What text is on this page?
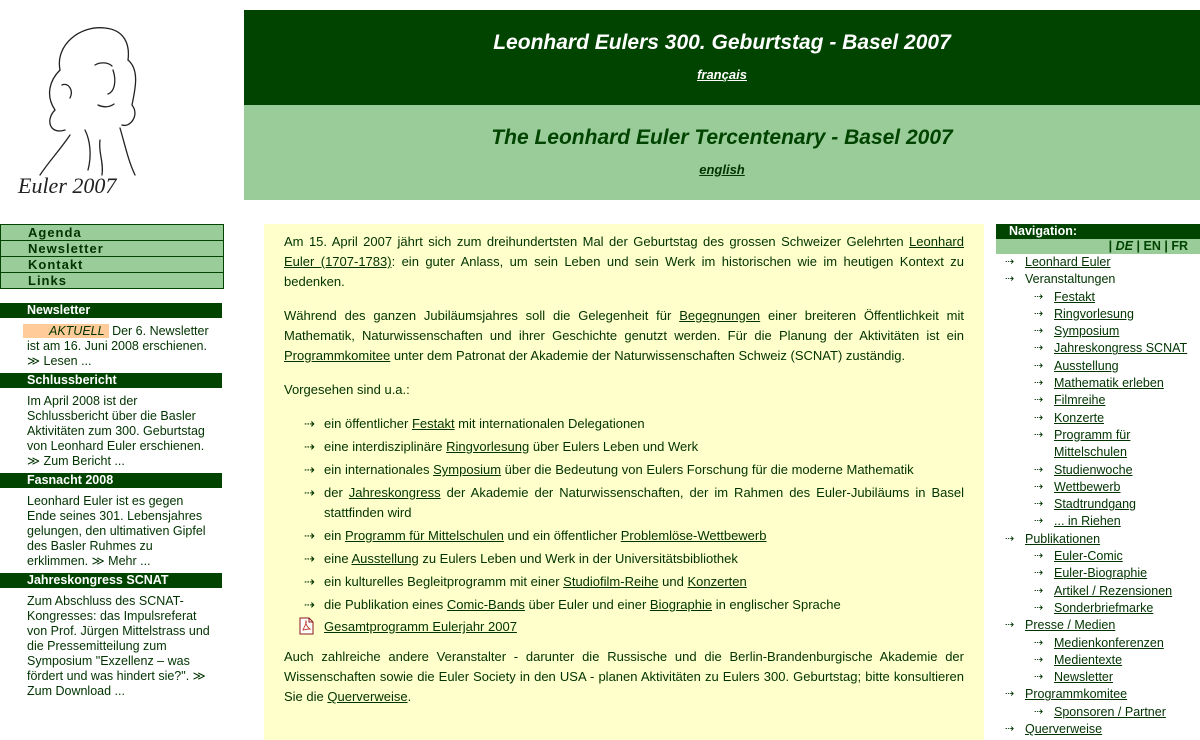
Euler 2007
Leonhard Eulers 300. Geburtstag - Basel 2007
français
The Leonhard Euler Tercentenary - Basel 2007
english
Agenda
Newsletter
Kontakt
Links
Newsletter
AKTUELL Der 6. Newsletter ist am 16. Juni 2008 erschienen. ≫ Lesen ...
Schlussbericht
Im April 2008 ist der Schlussbericht über die Basler Aktivitäten zum 300. Geburtstag von Leonhard Euler erschienen. ≫ Zum Bericht ...
Fasnacht 2008
Leonhard Euler ist es gegen Ende seines 301. Lebensjahres gelungen, den ultimativen Gipfel des Basler Ruhmes zu erklimmen. ≫ Mehr ...
Jahreskongress SCNAT
Zum Abschluss des SCNAT-Kongresses: das Impulsreferat von Prof. Jürgen Mittelstrass und die Pressemitteilung zum Symposium "Exzellenz – was fördert und was hindert sie?". ≫ Zum Download ...

Am 15. April 2007 jährt sich zum dreihundertsten Mal der Geburtstag des grossen Schweizer Gelehrten Leonhard Euler (1707-1783): ein guter Anlass, um sein Leben und sein Werk im historischen wie im heutigen Kontext zu bedenken.

Während des ganzen Jubiläumsjahres soll die Gelegenheit für Begegnungen einer breiteren Öffentlichkeit mit Mathematik, Naturwissenschaften und ihrer Geschichte genutzt werden. Für die Planung der Aktivitäten ist ein Programmkomitee unter dem Patronat der Akademie der Naturwissenschaften Schweiz (SCNAT) zuständig.

Vorgesehen sind u.a.:

⇢ ein öffentlicher Festakt mit internationalen Delegationen
⇢ eine interdisziplinäre Ringvorlesung über Eulers Leben und Werk
⇢ ein internationales Symposium über die Bedeutung von Eulers Forschung für die moderne Mathematik
⇢ der Jahreskongress der Akademie der Naturwissenschaften, der im Rahmen des Euler-Jubiläums in Basel stattfinden wird
⇢ ein Programm für Mittelschulen und ein öffentlicher Problemlöse-Wettbewerb
⇢ eine Ausstellung zu Eulers Leben und Werk in der Universitätsbibliothek
⇢ ein kulturelles Begleitprogramm mit einer Studiofilm-Reihe und Konzerten
⇢ die Publikation eines Comic-Bands über Euler und einer Biographie in englischer Sprache
Gesamtprogramm Eulerjahr 2007

Auch zahlreiche andere Veranstalter - darunter die Russische und die Berlin-Brandenburgische Akademie der Wissenschaften sowie die Euler Society in den USA - planen Aktivitäten zu Eulers 300. Geburtstag; bitte konsultieren Sie die Querverweise.

Navigation:
| DE | EN | FR
⇢ Leonhard Euler
⇢ Veranstaltungen
⇢ Festakt
⇢ Ringvorlesung
⇢ Symposium
⇢ Jahreskongress SCNAT
⇢ Ausstellung
⇢ Mathematik erleben
⇢ Filmreihe
⇢ Konzerte
⇢ Programm für Mittelschulen
⇢ Studienwoche
⇢ Wettbewerb
⇢ Stadtrundgang
⇢ ... in Riehen
⇢ Publikationen
⇢ Euler-Comic
⇢ Euler-Biographie
⇢ Artikel / Rezensionen
⇢ Sonderbriefmarke
⇢ Presse / Medien
⇢ Medienkonferenzen
⇢ Medientexte
⇢ Newsletter
⇢ Programmkomitee
⇢ Sponsoren / Partner
⇢ Querverweise
